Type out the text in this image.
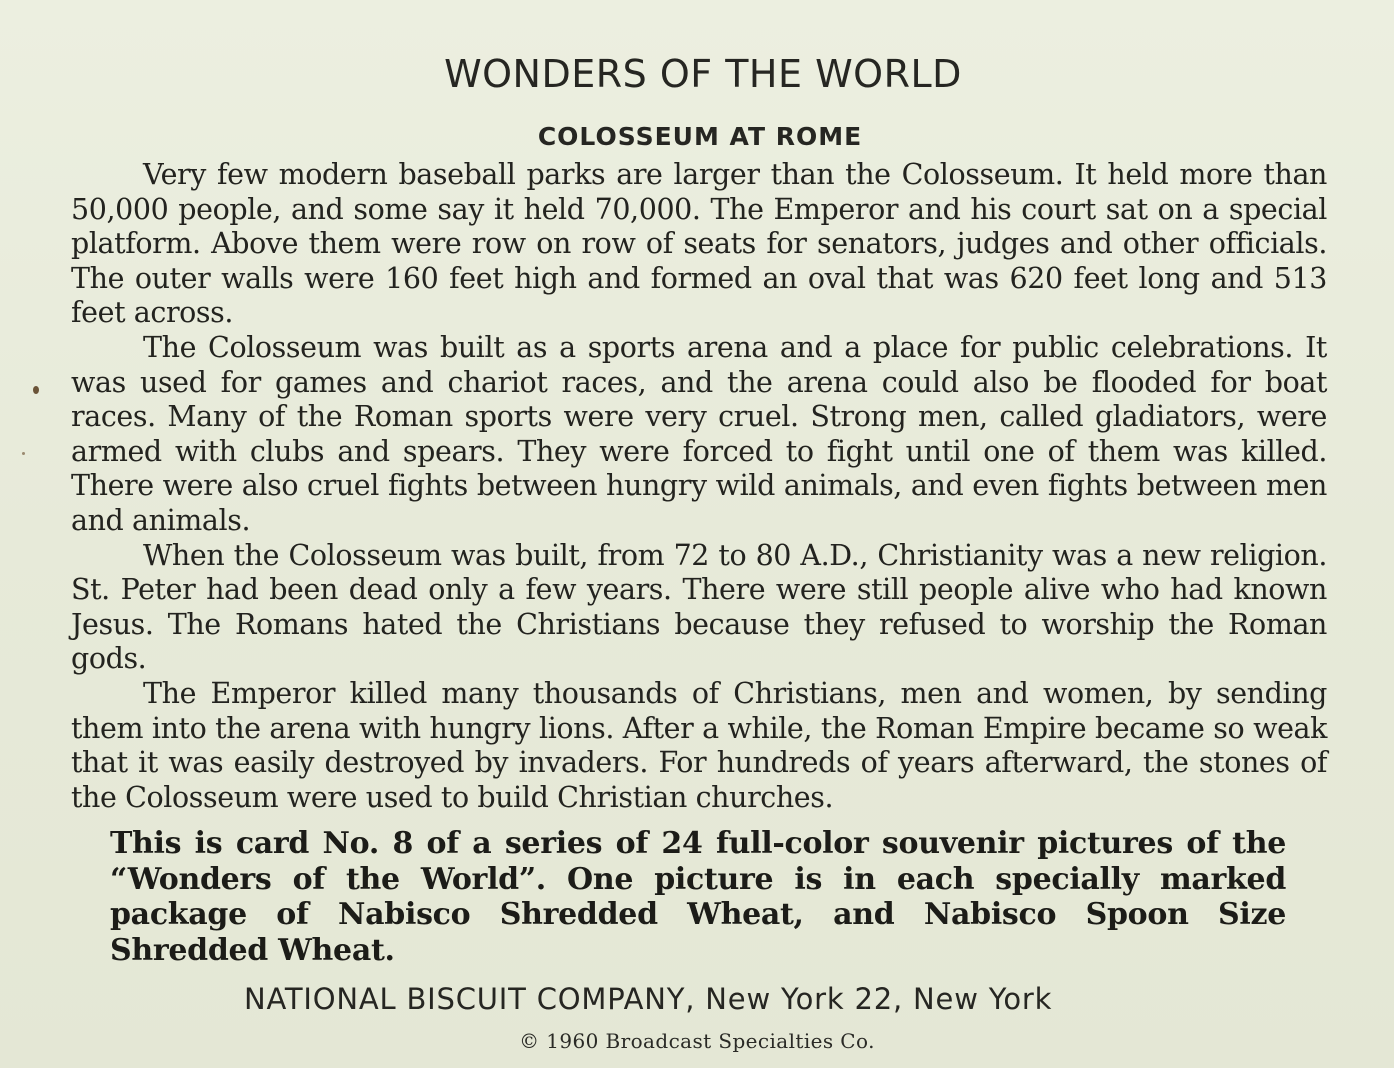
WONDERS OF THE WORLD
COLOSSEUM AT ROME

Very few modern baseball parks are larger than the Colosseum. It held more than 50,000 people, and some say it held 70,000. The Emperor and his court sat on a special platform. Above them were row on row of seats for senators, judges and other officials. The outer walls were 160 feet high and formed an oval that was 620 feet long and 513 feet across.

The Colosseum was built as a sports arena and a place for public celebrations. It was used for games and chariot races, and the arena could also be flooded for boat races. Many of the Roman sports were very cruel. Strong men, called gladiators, were armed with clubs and spears. They were forced to fight until one of them was killed. There were also cruel fights between hungry wild animals, and even fights between men and animals.

When the Colosseum was built, from 72 to 80 A.D., Christianity was a new religion. St. Peter had been dead only a few years. There were still people alive who had known Jesus. The Romans hated the Christians because they refused to worship the Roman gods.

The Emperor killed many thousands of Christians, men and women, by sending them into the arena with hungry lions. After a while, the Roman Empire became so weak that it was easily destroyed by invaders. For hundreds of years afterward, the stones of the Colosseum were used to build Christian churches.

This is card No. 8 of a series of 24 full-color souvenir pictures of the “Wonders of the World”. One picture is in each specially marked package of Nabisco Shredded Wheat, and Nabisco Spoon Size Shredded Wheat.

NATIONAL BISCUIT COMPANY, New York 22, New York

© 1960 Broadcast Specialties Co.
